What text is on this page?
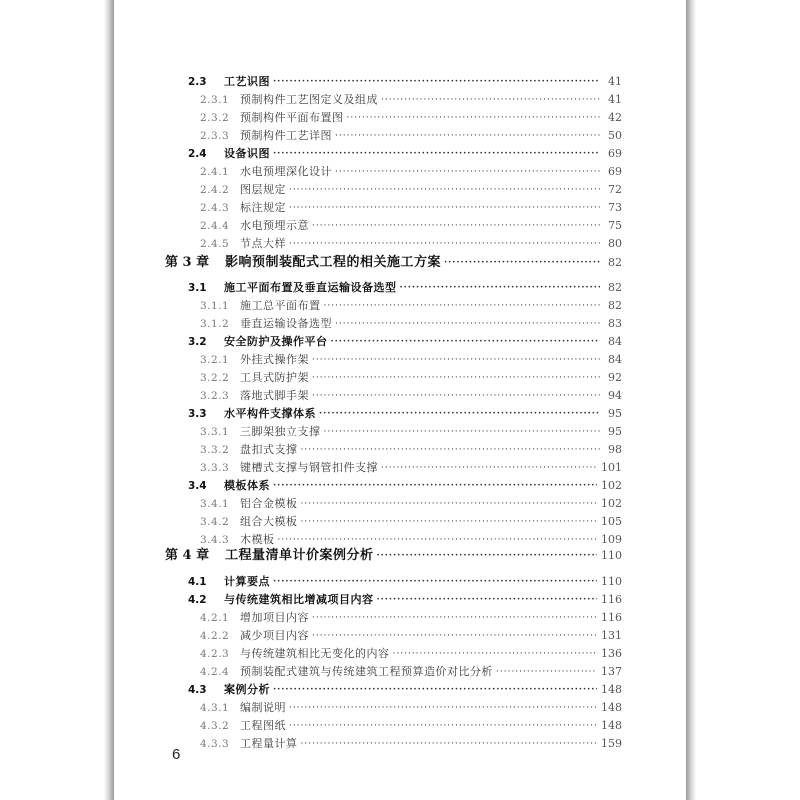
2.3	工艺识图 ·····	41
2.3.1 预制构件工艺图定义及组成 ·····	41
2.3.2 预制构件平面布置图 ·····	42
2.3.3 预制构件工艺详图 ·····	50
2.4	设备识图 ·····	69
2.4.1 水电预埋深化设计 ·····	69
2.4.2 图层规定 ·····	72
2.4.3 标注规定 ·····	73
2.4.4 水电预埋示意 ·····	75
2.4.5 节点大样 ·····	80
第 3 章	影响预制装配式工程的相关施工方案 ·····	82
3.1	施工平面布置及垂直运输设备选型 ·····	82
3.1.1 施工总平面布置 ·····	82
3.1.2 垂直运输设备选型 ·····	83
3.2	安全防护及操作平台 ·····	84
3.2.1 外挂式操作架 ·····	84
3.2.2 工具式防护架 ·····	92
3.2.3 落地式脚手架 ·····	94
3.3	水平构件支撑体系 ·····	95
3.3.1 三脚架独立支撑 ·····	95
3.3.2 盘扣式支撑 ·····	98
3.3.3 键槽式支撑与钢管扣件支撑 ·····	101
3.4	模板体系 ·····	102
3.4.1 铝合金模板 ·····	102
3.4.2 组合大模板 ·····	105
3.4.3 木模板 ·····	109
第 4 章	工程量清单计价案例分析 ·····	110
4.1	计算要点 ·····	110
4.2	与传统建筑相比增减项目内容 ·····	116
4.2.1 增加项目内容 ·····	116
4.2.2 减少项目内容 ·····	131
4.2.3 与传统建筑相比无变化的内容 ·····	136
4.2.4 预制装配式建筑与传统建筑工程预算造价对比分析 ·····	137
4.3	案例分析 ·····	148
4.3.1 编制说明 ·····	148
4.3.2 工程图纸 ·····	148
4.3.3 工程量计算 ·····	159
6
